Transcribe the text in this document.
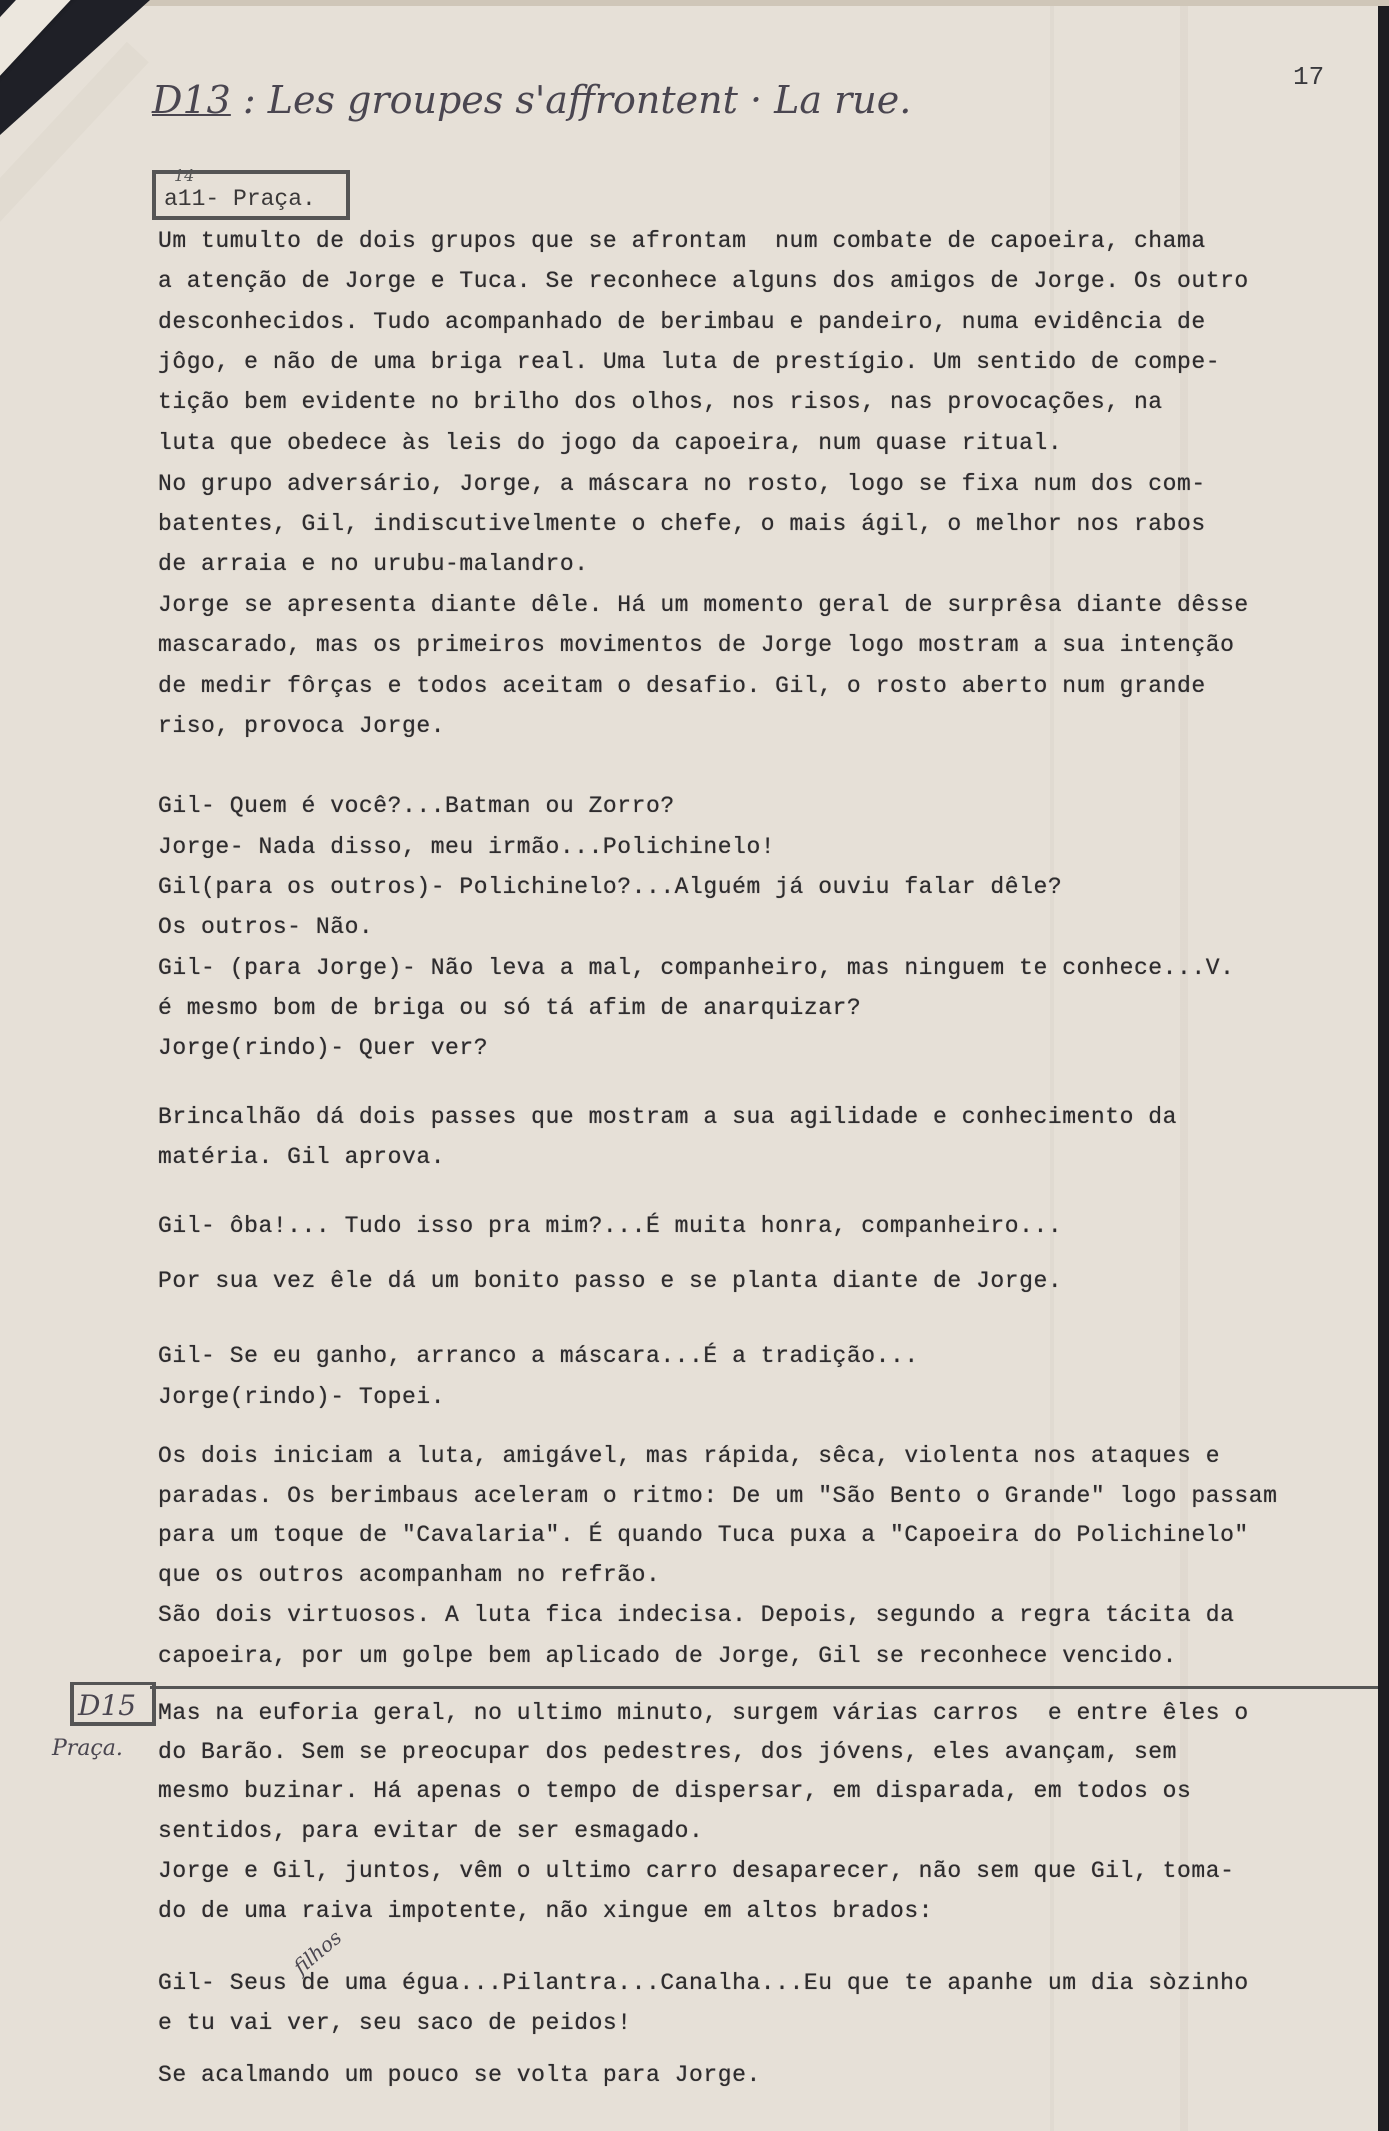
D13 : Les groupes s'affrontent · La rue.
17
14
a11- Praça.
Um tumulto de dois grupos que se afrontam  num combate de capoeira, chama
a atenção de Jorge e Tuca. Se reconhece alguns dos amigos de Jorge. Os outro
desconhecidos. Tudo acompanhado de berimbau e pandeiro, numa evidência de
jôgo, e não de uma briga real. Uma luta de prestígio. Um sentido de compe-
tição bem evidente no brilho dos olhos, nos risos, nas provocações, na
luta que obedece às leis do jogo da capoeira, num quase ritual.
No grupo adversário, Jorge, a máscara no rosto, logo se fixa num dos com-
batentes, Gil, indiscutivelmente o chefe, o mais ágil, o melhor nos rabos
de arraia e no urubu-malandro.
Jorge se apresenta diante dêle. Há um momento geral de surprêsa diante dêsse
mascarado, mas os primeiros movimentos de Jorge logo mostram a sua intenção
de medir fôrças e todos aceitam o desafio. Gil, o rosto aberto num grande
riso, provoca Jorge.
Gil- Quem é você?...Batman ou Zorro?
Jorge- Nada disso, meu irmão...Polichinelo!
Gil(para os outros)- Polichinelo?...Alguém já ouviu falar dêle?
Os outros- Não.
Gil- (para Jorge)- Não leva a mal, companheiro, mas ninguem te conhece...V.
é mesmo bom de briga ou só tá afim de anarquizar?
Jorge(rindo)- Quer ver?
Brincalhão dá dois passes que mostram a sua agilidade e conhecimento da
matéria. Gil aprova.
Gil- ôba!... Tudo isso pra mim?...É muita honra, companheiro...
Por sua vez êle dá um bonito passo e se planta diante de Jorge.
Gil- Se eu ganho, arranco a máscara...É a tradição...
Jorge(rindo)- Topei.
Os dois iniciam a luta, amigável, mas rápida, sêca, violenta nos ataques e
paradas. Os berimbaus aceleram o ritmo: De um "São Bento o Grande" logo passam
para um toque de "Cavalaria". É quando Tuca puxa a "Capoeira do Polichinelo"
que os outros acompanham no refrão.
São dois virtuosos. A luta fica indecisa. Depois, segundo a regra tácita da
capoeira, por um golpe bem aplicado de Jorge, Gil se reconhece vencido.
Mas na euforia geral, no ultimo minuto, surgem várias carros  e entre êles o
do Barão. Sem se preocupar dos pedestres, dos jóvens, eles avançam, sem
mesmo buzinar. Há apenas o tempo de dispersar, em disparada, em todos os
sentidos, para evitar de ser esmagado.
Jorge e Gil, juntos, vêm o ultimo carro desaparecer, não sem que Gil, toma-
do de uma raiva impotente, não xingue em altos brados:
Gil- Seus de uma égua...Pilantra...Canalha...Eu que te apanhe um dia sòzinho
e tu vai ver, seu saco de peidos!
Se acalmando um pouco se volta para Jorge.
D15
Praça.
filhos
